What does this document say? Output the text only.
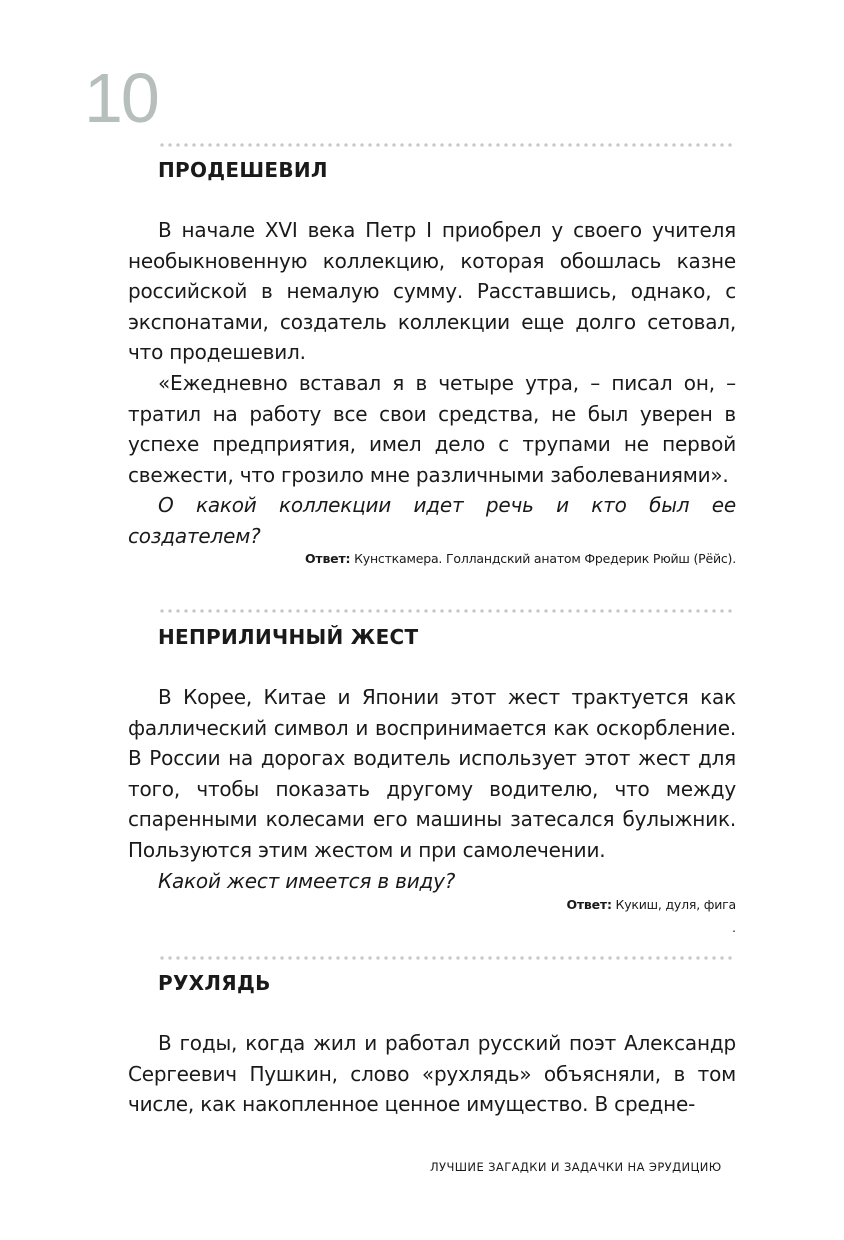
10
ПРОДЕШЕВИЛ
В начале XVI века Петр I приобрел у своего учителя необыкновенную коллекцию, которая обошлась казне российской в немалую сумму. Расставшись, однако, с экспонатами, создатель коллекции еще долго сетовал, что продешевил.
«Ежедневно вставал я в четыре утра, – писал он, – тратил на работу все свои средства, не был уверен в успехе предприятия, имел дело с трупами не первой свежести, что грозило мне различными заболеваниями».
О какой коллекции идет речь и кто был ее создателем?
Ответ: Кунсткамера. Голландский анатом Фредерик Рюйш (Рёйс).
НЕПРИЛИЧНЫЙ ЖЕСТ
В Корее, Китае и Японии этот жест трактуется как фаллический символ и воспринимается как оскорбление. В России на дорогах водитель использует этот жест для того, чтобы показать другому водителю, что между спаренными колесами его машины затесался булыжник. Пользуются этим жестом и при самолечении.
Какой жест имеется в виду?
Ответ: Кукиш, дуля, фига
.
РУХЛЯДЬ
В годы, когда жил и работал русский поэт Александр Сергеевич Пушкин, слово «рухлядь» объясняли, в том числе, как накопленное ценное имущество. В средне-
ЛУЧШИЕ ЗАГАДКИ И ЗАДАЧКИ НА ЭРУДИЦИЮ
